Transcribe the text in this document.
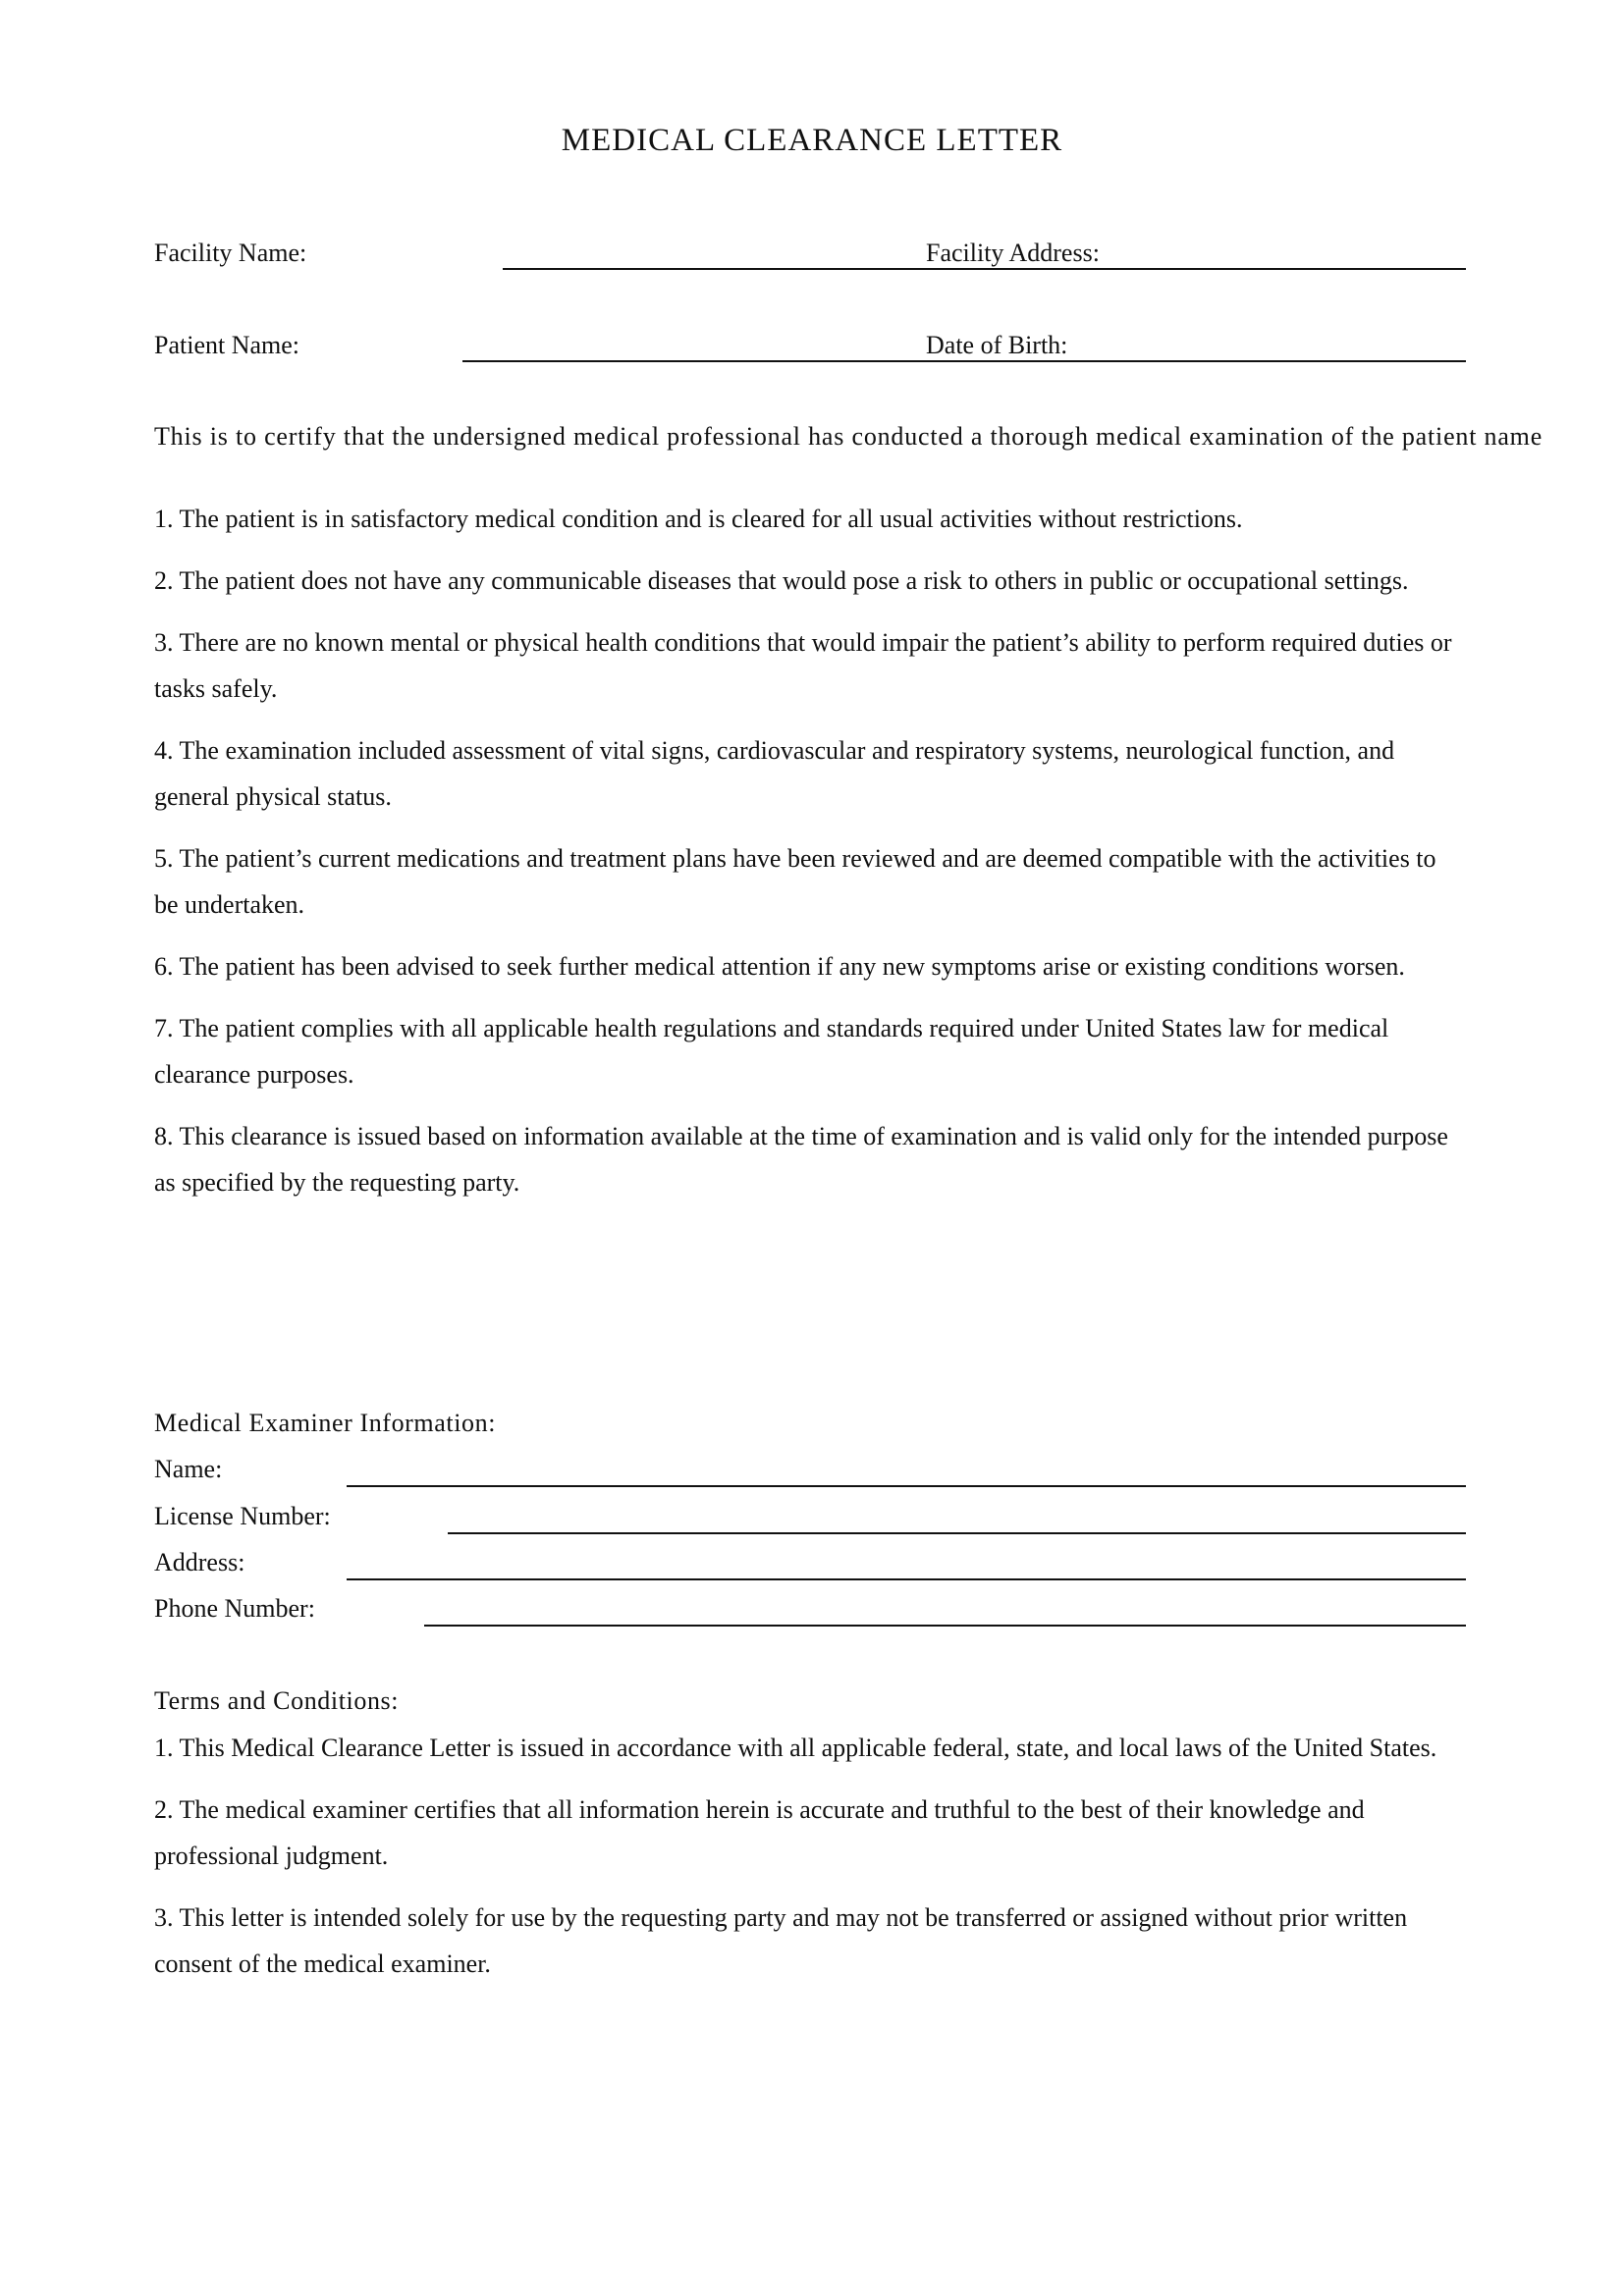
MEDICAL CLEARANCE LETTER
Facility Name:	Facility Address:
Patient Name:	Date of Birth:
This is to certify that the undersigned medical professional has conducted a thorough medical examination of the patient name

1. The patient is in satisfactory medical condition and is cleared for all usual activities without restrictions.

2. The patient does not have any communicable diseases that would pose a risk to others in public or occupational settings.

3. There are no known mental or physical health conditions that would impair the patient’s ability to perform required duties or tasks safely.

4. The examination included assessment of vital signs, cardiovascular and respiratory systems, neurological function, and general physical status.

5. The patient’s current medications and treatment plans have been reviewed and are deemed compatible with the activities to be undertaken.

6. The patient has been advised to seek further medical attention if any new symptoms arise or existing conditions worsen.

7. The patient complies with all applicable health regulations and standards required under United States law for medical clearance purposes.

8. This clearance is issued based on information available at the time of examination and is valid only for the intended purpose as specified by the requesting party.

Medical Examiner Information:
Name:
License Number:
Address:
Phone Number:
Terms and Conditions:

1. This Medical Clearance Letter is issued in accordance with all applicable federal, state, and local laws of the United States.

2. The medical examiner certifies that all information herein is accurate and truthful to the best of their knowledge and professional judgment.

3. This letter is intended solely for use by the requesting party and may not be transferred or assigned without prior written consent of the medical examiner.
